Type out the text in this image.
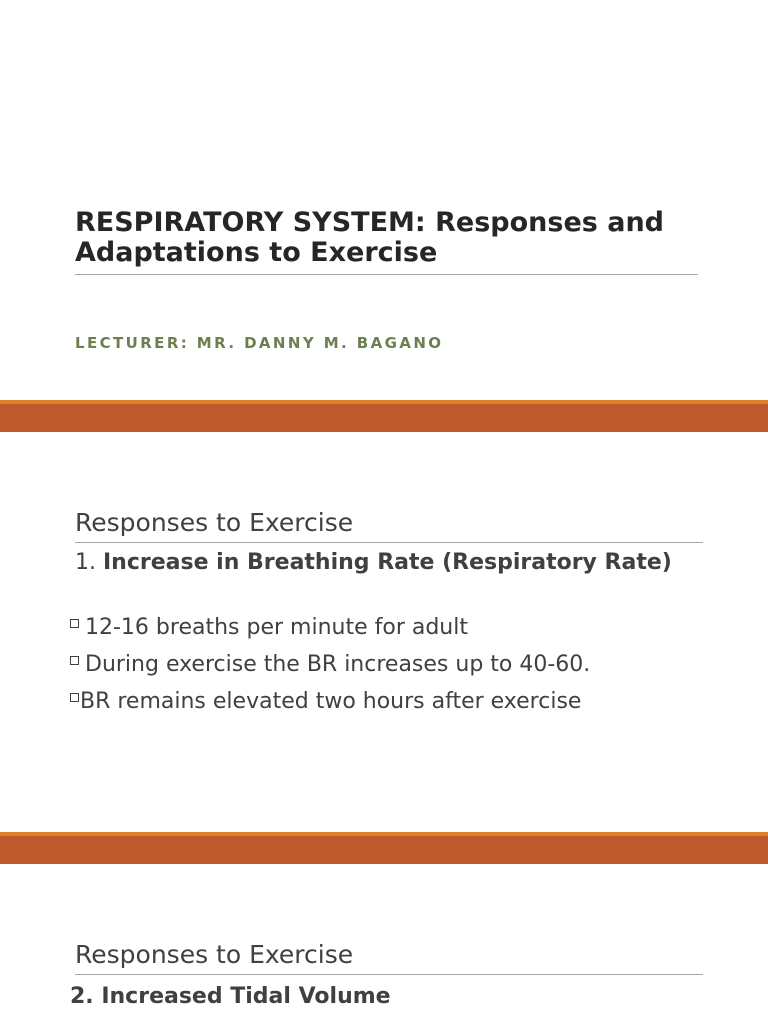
RESPIRATORY SYSTEM: Responses and Adaptations to Exercise
LECTURER: MR. DANNY M. BAGANO
Responses to Exercise
1. Increase in Breathing Rate (Respiratory Rate)
12-16 breaths per minute for adult
During exercise the BR increases up to 40-60.
BR remains elevated two hours after exercise
Responses to Exercise
2. Increased Tidal Volume
